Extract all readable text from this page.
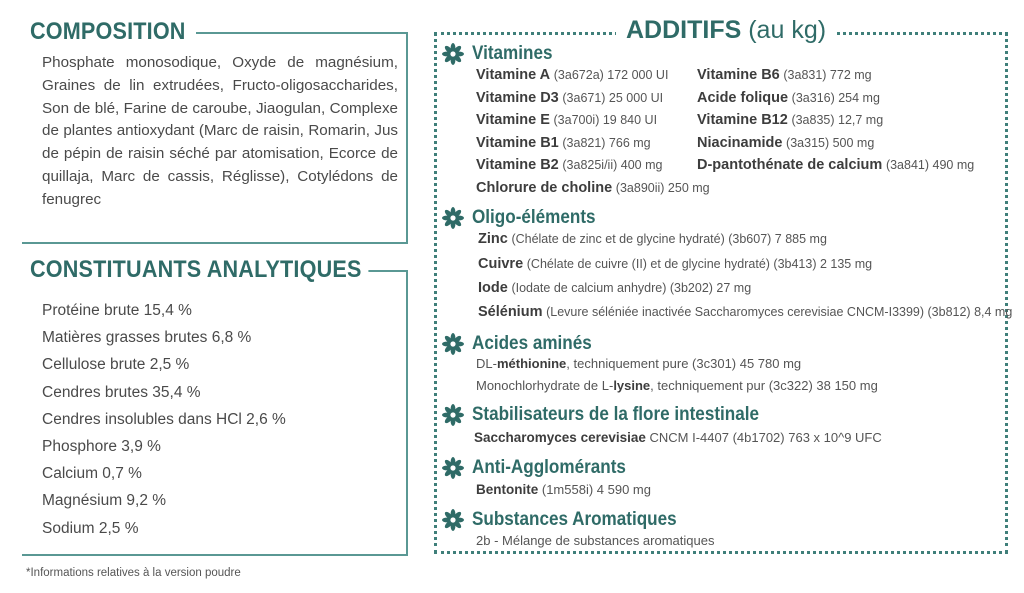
COMPOSITION
Phosphate monosodique, Oxyde de magnésium, Graines de lin extrudées, Fructo-oligosaccharides, Son de blé, Farine de caroube, Jiaogulan, Complexe de plantes antioxydant (Marc de raisin, Romarin, Jus de pépin de raisin séché par atomisation, Ecorce de quillaja, Marc de cassis, Réglisse), Cotylédons de fenugrec
CONSTITUANTS ANALYTIQUES
Protéine brute 15,4 %
Matières grasses brutes 6,8 %
Cellulose brute 2,5 %
Cendres brutes 35,4 %
Cendres insolubles dans HCl 2,6 %
Phosphore 3,9 %
Calcium 0,7 %
Magnésium 9,2 %
Sodium 2,5 %
*Informations relatives à la version poudre
ADDITIFS (au kg)
Vitamines
Vitamine A (3a672a) 172 000 UI
Vitamine D3 (3a671) 25 000 UI
Vitamine E (3a700i) 19 840 UI
Vitamine B1 (3a821) 766 mg
Vitamine B2 (3a825i/ii) 400 mg
Chlorure de choline (3a890ii) 250 mg
Vitamine B6 (3a831) 772 mg
Acide folique (3a316) 254 mg
Vitamine B12 (3a835) 12,7 mg
Niacinamide (3a315) 500 mg
D-pantothénate de calcium (3a841) 490 mg
Oligo-éléments
Zinc (Chélate de zinc et de glycine hydraté) (3b607) 7 885 mg
Cuivre (Chélate de cuivre (II) et de glycine hydraté) (3b413) 2 135 mg
Iode (Iodate de calcium anhydre) (3b202) 27 mg
Sélénium (Levure séléniée inactivée Saccharomyces cerevisiae CNCM-I3399) (3b812) 8,4 mg
Acides aminés
DL-méthionine, techniquement pure (3c301) 45 780 mg
Monochlorhydrate de L-lysine, techniquement pur (3c322) 38 150 mg
Stabilisateurs de la flore intestinale
Saccharomyces cerevisiae CNCM I-4407 (4b1702) 763 x 10^9 UFC
Anti-Agglomérants
Bentonite (1m558i) 4 590 mg
Substances Aromatiques
2b - Mélange de substances aromatiques
